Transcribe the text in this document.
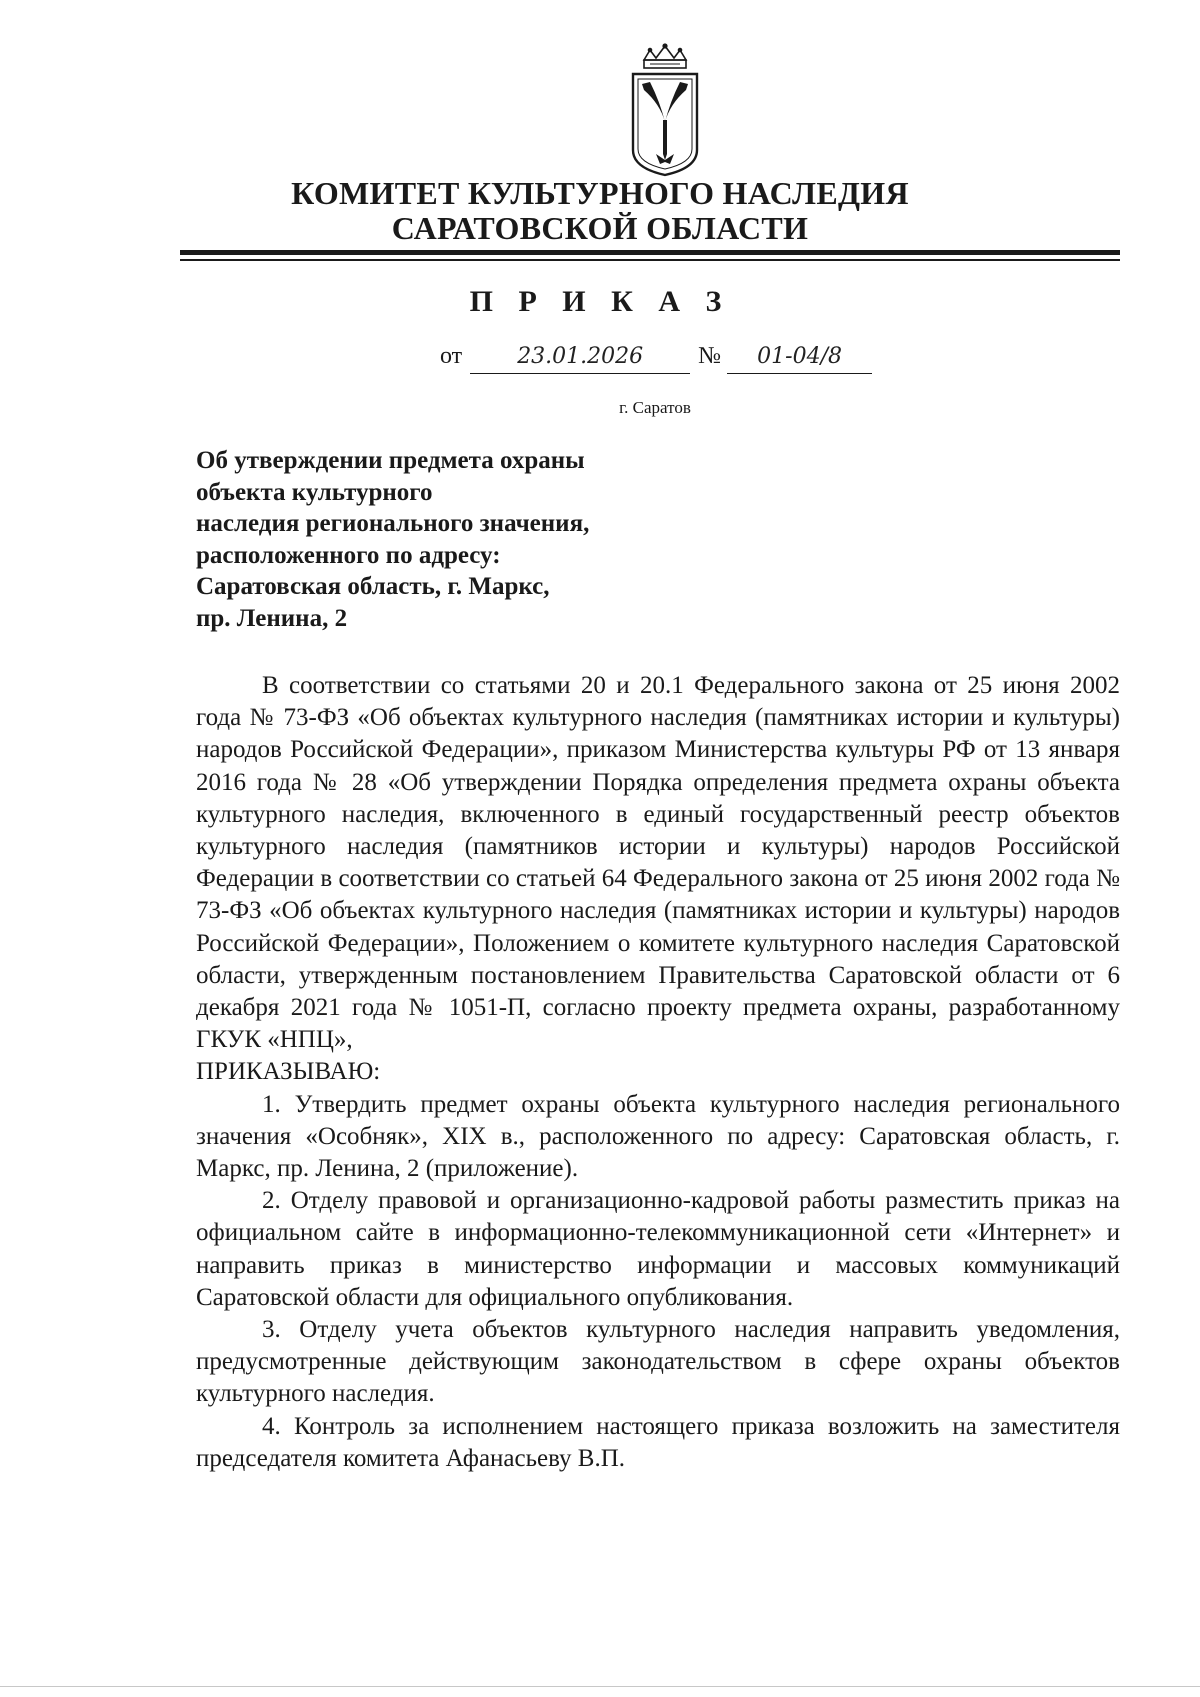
КОМИТЕТ КУЛЬТУРНОГО НАСЛЕДИЯ
САРАТОВСКОЙ ОБЛАСТИ
П Р И К А З
от	23.01.2026 № 01-04/8
г. Саратов
Об утверждении предмета охраны
объекта культурного
наследия регионального значения,
расположенного по адресу:
Саратовская область, г. Маркс,
пр. Ленина, 2

В соответствии со статьями 20 и 20.1 Федерального закона от 25 июня 2002 года № 73-ФЗ «Об объектах культурного наследия (памятниках истории и культуры) народов Российской Федерации», приказом Министерства культуры РФ от 13 января 2016 года № 28 «Об утверждении Порядка определения предмета охраны объекта культурного наследия, включенного в единый государственный реестр объектов культурного наследия (памятников истории и культуры) народов Российской Федерации в соответствии со статьей 64 Федерального закона от 25 июня 2002 года № 73-ФЗ «Об объектах культурного наследия (памятниках истории и культуры) народов Российской Федерации», Положением о комитете культурного наследия Саратовской области, утвержденным постановлением Правительства Саратовской области от 6 декабря 2021 года № 1051-П, согласно проекту предмета охраны, разработанному ГКУК «НПЦ»,

ПРИКАЗЫВАЮ:

1. Утвердить предмет охраны объекта культурного наследия регионального значения «Особняк», XIX в., расположенного по адресу: Саратовская область, г. Маркс, пр. Ленина, 2 (приложение).

2. Отделу правовой и организационно-кадровой работы разместить приказ на официальном сайте в информационно-телекоммуникационной сети «Интернет» и направить приказ в министерство информации и массовых коммуникаций Саратовской области для официального опубликования.

3. Отделу учета объектов культурного наследия направить уведомления, предусмотренные действующим законодательством в сфере охраны объектов культурного наследия.

4. Контроль за исполнением настоящего приказа возложить на заместителя председателя комитета Афанасьеву В.П.
